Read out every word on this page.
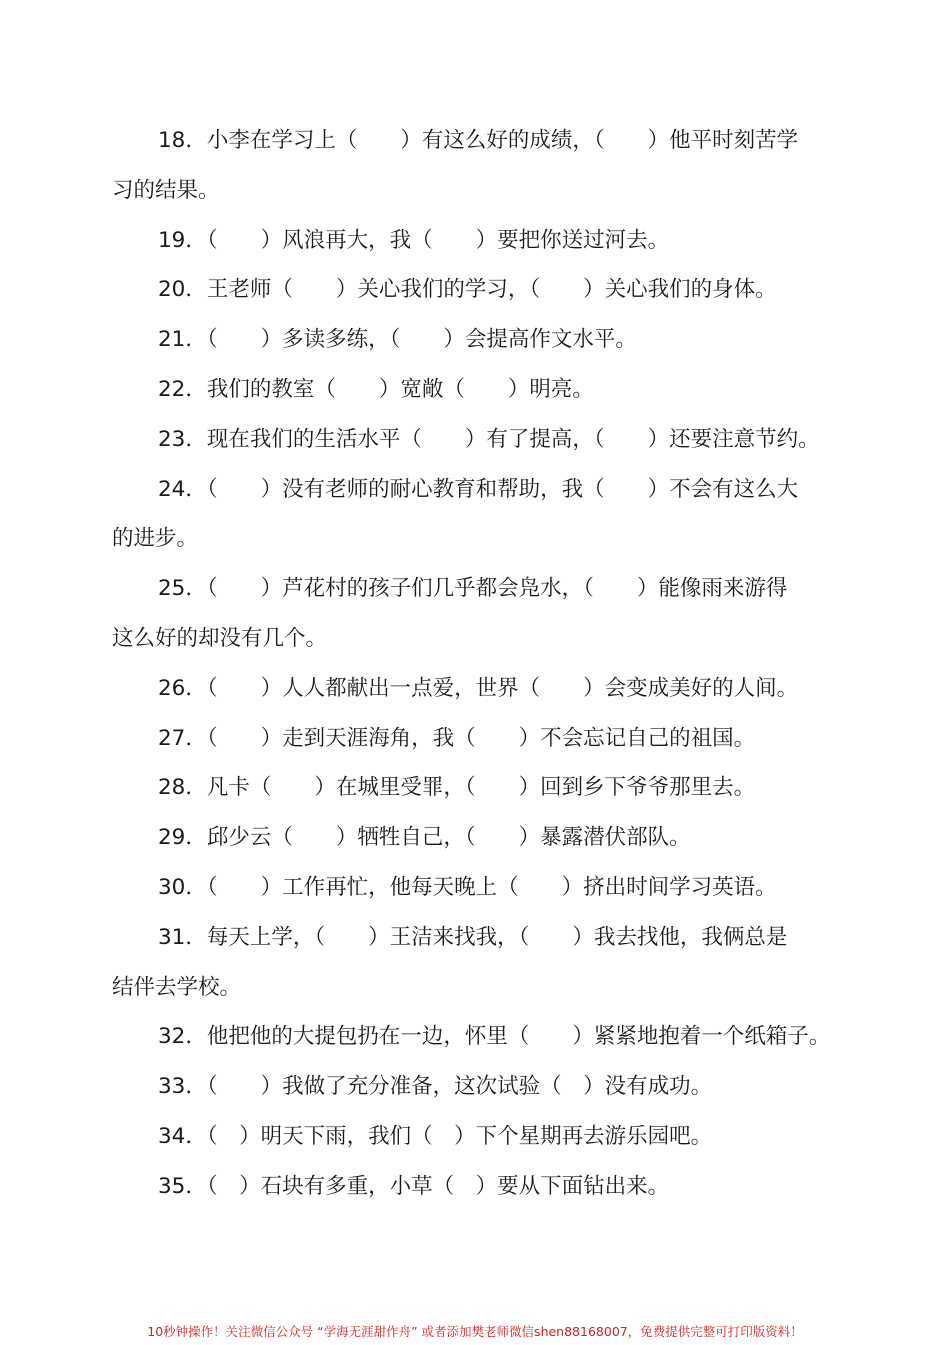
18．小李在学习上（　　）有这么好的成绩，（　　）他平时刻苦学
习的结果。
19．（　　）风浪再大，我（　　）要把你送过河去。
20．王老师（　　）关心我们的学习，（　　）关心我们的身体。
21．（　　）多读多练，（　　）会提高作文水平。
22．我们的教室（　　）宽敞（　　）明亮。
23．现在我们的生活水平（　　）有了提高，（　　）还要注意节约。
24．（　　）没有老师的耐心教育和帮助，我（　　）不会有这么大
的进步。
25．（　　）芦花村的孩子们几乎都会凫水，（　　）能像雨来游得
这么好的却没有几个。
26．（　　）人人都献出一点爱，世界（　　）会变成美好的人间。
27．（　　）走到天涯海角，我（　　）不会忘记自己的祖国。
28．凡卡（　　）在城里受罪，（　　）回到乡下爷爷那里去。
29．邱少云（　　）牺牲自己，（　　）暴露潜伏部队。
30．（　　）工作再忙，他每天晚上（　　）挤出时间学习英语。
31．每天上学，（　　）王洁来找我，（　　）我去找他，我俩总是
结伴去学校。
32．他把他的大提包扔在一边，怀里（　　）紧紧地抱着一个纸箱子。
33．（　　）我做了充分准备，这次试验（　）没有成功。
34．（　）明天下雨，我们（　）下个星期再去游乐园吧。
35．（　）石块有多重，小草（　）要从下面钻出来。
10秒钟操作！关注微信公众号 “学海无涯甜作舟” 或者添加樊老师微信shen88168007，免费提供完整可打印版资料！
